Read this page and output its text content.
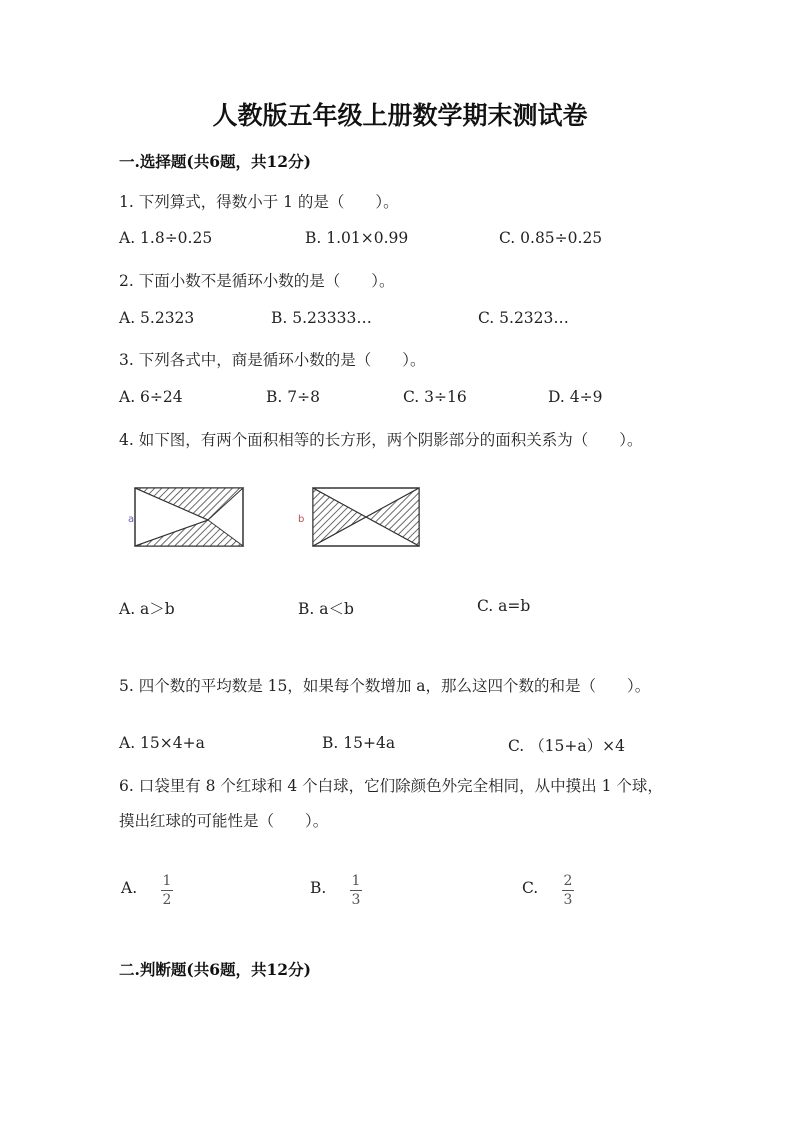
人教版五年级上册数学期末测试卷
一.选择题(共6题，共12分)
1. 下列算式，得数小于 1 的是（　　）。
A. 1.8÷0.25	B. 1.01×0.99	C. 0.85÷0.25
2. 下面小数不是循环小数的是（　　）。
A. 5.2323	B. 5.23333…	C. 5.2323…
3. 下列各式中，商是循环小数的是（　　）。
A. 6÷24	B. 7÷8	C. 3÷16	D. 4÷9
4. 如下图，有两个面积相等的长方形，两个阴影部分的面积关系为（　　）。
a	b
A. a＞b	B. a＜b	C. a=b
5. 四个数的平均数是 15，如果每个数增加 a，那么这四个数的和是（　　）。
A. 15×4+a	B. 15+4a	C. （15+a）×4
6. 口袋里有 8 个红球和 4 个白球，它们除颜色外完全相同，从中摸出 1 个球，
摸出红球的可能性是（　　）。
A. 1
2
B. 1
3
C. 2
3
二.判断题(共6题，共12分)
